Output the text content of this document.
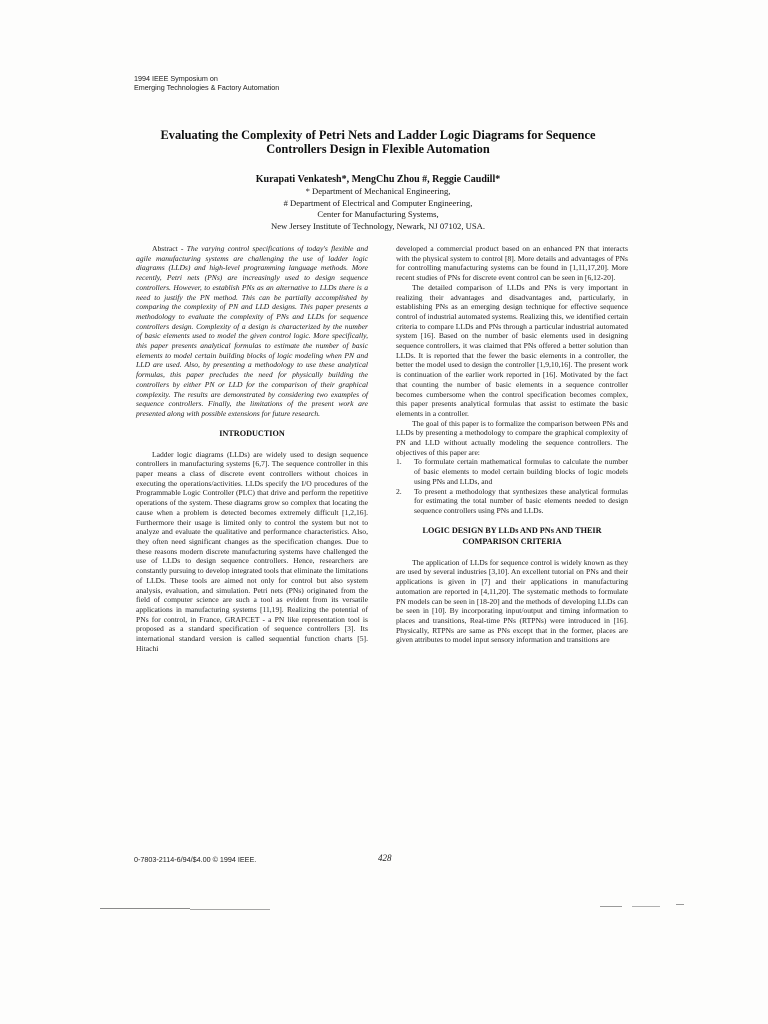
1994 IEEE Symposium on
Emerging Technologies & Factory Automation
Evaluating the Complexity of Petri Nets and Ladder Logic Diagrams for Sequence
Controllers Design in Flexible Automation
Kurapati Venkatesh*, MengChu Zhou #, Reggie Caudill*
* Department of Mechanical Engineering,
# Department of Electrical and Computer Engineering,
Center for Manufacturing Systems,
New Jersey Institute of Technology, Newark, NJ 07102, USA.

Abstract - The varying control specifications of today's flexible and agile manufacturing systems are challenging the use of ladder logic diagrams (LLDs) and high-level programming language methods. More recently, Petri nets (PNs) are increasingly used to design sequence controllers. However, to establish PNs as an alternative to LLDs there is a need to justify the PN method. This can be partially accomplished by comparing the complexity of PN and LLD designs. This paper presents a methodology to evaluate the complexity of PNs and LLDs for sequence controllers design. Complexity of a design is characterized by the number of basic elements used to model the given control logic. More specifically, this paper presents analytical formulas to estimate the number of basic elements to model certain building blocks of logic modeling when PN and LLD are used. Also, by presenting a methodology to use these analytical formulas, this paper precludes the need for physically building the controllers by either PN or LLD for the comparison of their graphical complexity. The results are demonstrated by considering two examples of sequence controllers. Finally, the limitations of the present work are presented along with possible extensions for future research.

INTRODUCTION

Ladder logic diagrams (LLDs) are widely used to design sequence controllers in manufacturing systems [6,7]. The sequence controller in this paper means a class of discrete event controllers without choices in executing the operations/activities. LLDs specify the I/O procedures of the Programmable Logic Controller (PLC) that drive and perform the repetitive operations of the system. These diagrams grow so complex that locating the cause when a problem is detected becomes extremely difficult [1,2,16]. Furthermore their usage is limited only to control the system but not to analyze and evaluate the qualitative and performance characteristics. Also, they often need significant changes as the specification changes. Due to these reasons modern discrete manufacturing systems have challenged the use of LLDs to design sequence controllers. Hence, researchers are constantly pursuing to develop integrated tools that eliminate the limitations of LLDs. These tools are aimed not only for control but also system analysis, evaluation, and simulation. Petri nets (PNs) originated from the field of computer science are such a tool as evident from its versatile applications in manufacturing systems [11,19]. Realizing the potential of PNs for control, in France, GRAFCET - a PN like representation tool is proposed as a standard specification of sequence controllers [3]. Its international standard version is called sequential function charts [5]. Hitachi

developed a commercial product based on an enhanced PN that interacts with the physical system to control [8]. More details and advantages of PNs for controlling manufacturing systems can be found in [1,11,17,20]. More recent studies of PNs for discrete event control can be seen in [6,12-20].

The detailed comparison of LLDs and PNs is very important in realizing their advantages and disadvantages and, particularly, in establishing PNs as an emerging design technique for effective sequence control of industrial automated systems. Realizing this, we identified certain criteria to compare LLDs and PNs through a particular industrial automated system [16]. Based on the number of basic elements used in designing sequence controllers, it was claimed that PNs offered a better solution than LLDs. It is reported that the fewer the basic elements in a controller, the better the model used to design the controller [1,9,10,16]. The present work is continuation of the earlier work reported in [16]. Motivated by the fact that counting the number of basic elements in a sequence controller becomes cumbersome when the control specification becomes complex, this paper presents analytical formulas that assist to estimate the basic elements in a controller.

The goal of this paper is to formalize the comparison between PNs and LLDs by presenting a methodology to compare the graphical complexity of PN and LLD without actually modeling the sequence controllers. The objectives of this paper are:

1. To formulate certain mathematical formulas to calculate the number of basic elements to model certain building blocks of logic models using PNs and LLDs, and
2. To present a methodology that synthesizes these analytical formulas for estimating the total number of basic elements needed to design sequence controllers using PNs and LLDs.
LOGIC DESIGN BY LLDs AND PNs AND THEIR
COMPARISON CRITERIA

The application of LLDs for sequence control is widely known as they are used by several industries [3,10]. An excellent tutorial on PNs and their applications is given in [7] and their applications in manufacturing automation are reported in [4,11,20]. The systematic methods to formulate PN models can be seen in [18-20] and the methods of developing LLDs can be seen in [10]. By incorporating input/output and timing information to places and transitions, Real-time PNs (RTPNs) were introduced in [16]. Physically, RTPNs are same as PNs except that in the former, places are given attributes to model input sensory information and transitions are

0-7803-2114-6/94/$4.00 © 1994 IEEE.	428
